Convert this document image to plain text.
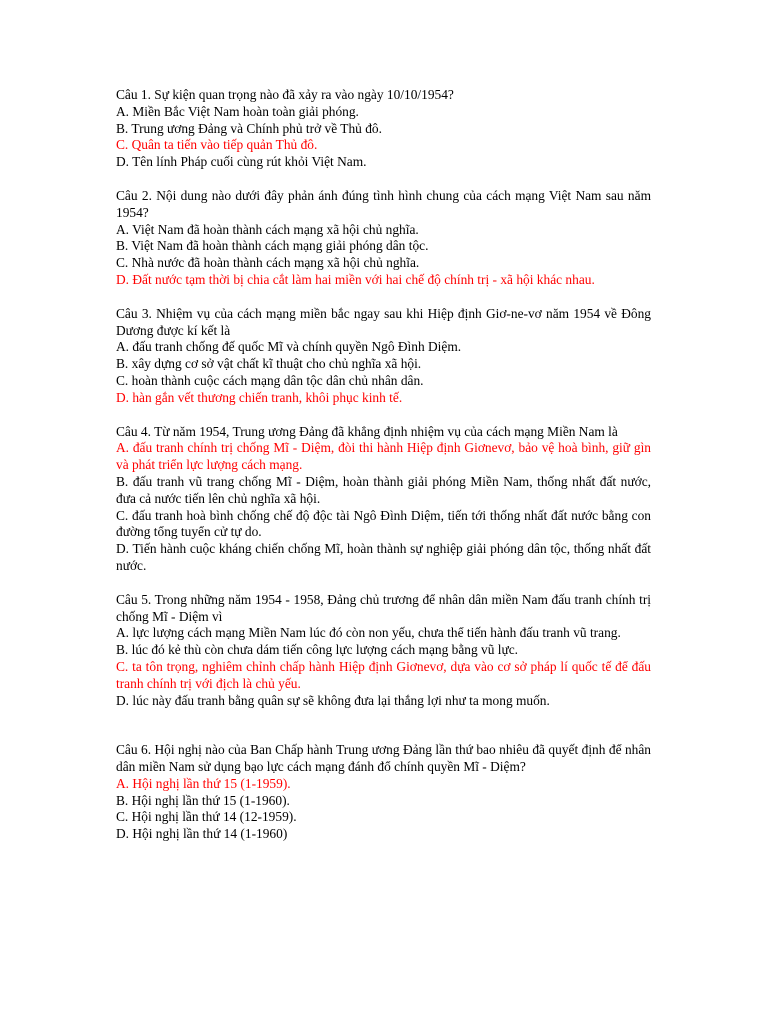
Câu 1. Sự kiện quan trọng nào đã xảy ra vào ngày 10/10/1954?

A. Miền Bắc Việt Nam hoàn toàn giải phóng.

B. Trung ương Đảng và Chính phủ trở về Thủ đô.

C. Quân ta tiến vào tiếp quản Thủ đô.

D. Tên lính Pháp cuối cùng rút khỏi Việt Nam.

Câu 2. Nội dung nào dưới đây phản ánh đúng tình hình chung của cách mạng Việt Nam sau năm 1954?

A. Việt Nam đã hoàn thành cách mạng xã hội chủ nghĩa.

B. Việt Nam đã hoàn thành cách mạng giải phóng dân tộc.

C. Nhà nước đã hoàn thành cách mạng xã hội chủ nghĩa.

D. Đất nước tạm thời bị chia cắt làm hai miền với hai chế độ chính trị - xã hội khác nhau.

Câu 3. Nhiệm vụ của cách mạng miền bắc ngay sau khi Hiệp định Giơ-ne-vơ năm 1954 về Đông Dương được kí kết là

A. đấu tranh chống đế quốc Mĩ và chính quyền Ngô Đình Diệm.

B. xây dựng cơ sở vật chất kĩ thuật cho chủ nghĩa xã hội.

C. hoàn thành cuộc cách mạng dân tộc dân chủ nhân dân.

D. hàn gắn vết thương chiến tranh, khôi phục kinh tế.

Câu 4. Từ năm 1954, Trung ương Đảng đã khẳng định nhiệm vụ của cách mạng Miền Nam là

A. đấu tranh chính trị chống Mĩ - Diệm, đòi thi hành Hiệp định Giơnevơ, bảo vệ hoà bình, giữ gìn và phát triển lực lượng cách mạng.

B. đấu tranh vũ trang chống Mĩ - Diệm, hoàn thành giải phóng Miền Nam, thống nhất đất nước, đưa cả nước tiến lên chủ nghĩa xã hội.

C. đấu tranh hoà bình chống chế độ độc tài Ngô Đình Diệm, tiến tới thống nhất đất nước bằng con đường tổng tuyển cử tự do.

D. Tiến hành cuộc kháng chiến chống Mĩ, hoàn thành sự nghiệp giải phóng dân tộc, thống nhất đất nước.

Câu 5. Trong những năm 1954 - 1958, Đảng chủ trương để nhân dân miền Nam đấu tranh chính trị chống Mĩ - Diệm vì

A. lực lượng cách mạng Miền Nam lúc đó còn non yếu, chưa thể tiến hành đấu tranh vũ trang.

B. lúc đó kẻ thù còn chưa dám tiến công lực lượng cách mạng bằng vũ lực.

C. ta tôn trọng, nghiêm chỉnh chấp hành Hiệp định Giơnevơ, dựa vào cơ sở pháp lí quốc tế để đấu tranh chính trị với địch là chủ yếu.

D. lúc này đấu tranh bằng quân sự sẽ không đưa lại thắng lợi như ta mong muốn.

Câu 6. Hội nghị nào của Ban Chấp hành Trung ương Đảng lần thứ bao nhiêu đã quyết định để nhân dân miền Nam sử dụng bạo lực cách mạng đánh đổ chính quyền Mĩ - Diệm?

A. Hội nghị lần thứ 15 (1-1959).

B. Hội nghị lần thứ 15 (1-1960).

C. Hội nghị lần thứ 14 (12-1959).

D. Hội nghị lần thứ 14 (1-1960)
